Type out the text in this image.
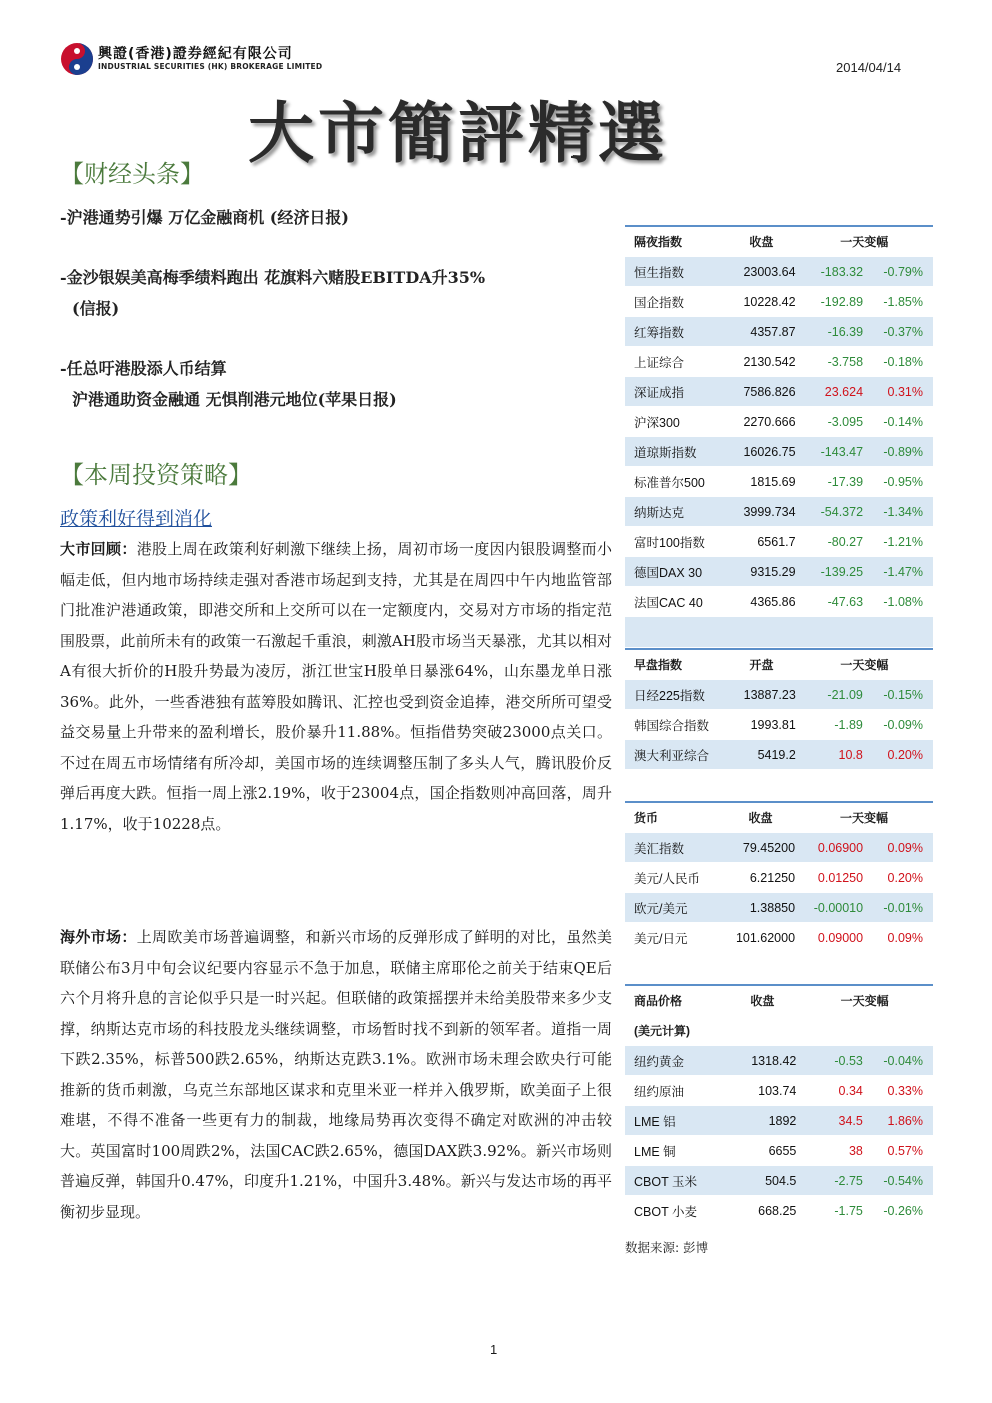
興證(香港)證券經紀有限公司
INDUSTRIAL SECURITIES (HK) BROKERAGE LIMITED	2014/04/14
大市簡評精選
【财经头条】
-沪港通势引爆 万亿金融商机 (经济日报)
-金沙银娱美高梅季绩料跑出 花旗料六赌股EBITDA升35%
(信报)
-任总吁港股添人币结算
沪港通助资金融通 无惧削港元地位(苹果日报)
【本周投资策略】
政策利好得到消化
大市回顾：港股上周在政策利好刺激下继续上扬，周初市场一度因内银股调整而小幅走低，但内地市场持续走强对香港市场起到支持，尤其是在周四中午内地监管部门批准沪港通政策，即港交所和上交所可以在一定额度内，交易对方市场的指定范围股票，此前所未有的政策一石激起千重浪，刺激AH股市场当天暴涨，尤其以相对A有很大折价的H股升势最为凌厉，浙江世宝H股单日暴涨64%，山东墨龙单日涨36%。此外，一些香港独有蓝筹股如腾讯、汇控也受到资金追捧，港交所所可望受益交易量上升带来的盈利增长，股价暴升11.88%。恒指借势突破23000点关口。不过在周五市场情绪有所冷却，美国市场的连续调整压制了多头人气，腾讯股价反弹后再度大跌。恒指一周上涨2.19%，收于23004点，国企指数则冲高回落，周升1.17%，收于10228点。
海外市场：上周欧美市场普遍调整，和新兴市场的反弹形成了鲜明的对比，虽然美联储公布3月中旬会议纪要内容显示不急于加息，联储主席耶伦之前关于结束QE后六个月将升息的言论似乎只是一时兴起。但联储的政策摇摆并未给美股带来多少支撑，纳斯达克市场的科技股龙头继续调整，市场暂时找不到新的领军者。道指一周下跌2.35%，标普500跌2.65%，纳斯达克跌3.1%。欧洲市场未理会欧央行可能推新的货币刺激，乌克兰东部地区谋求和克里米亚一样并入俄罗斯，欧美面子上很难堪，不得不准备一些更有力的制裁，地缘局势再次变得不确定对欧洲的冲击较大。英国富时100周跌2%，法国CAC跌2.65%，德国DAX跌3.92%。新兴市场则普遍反弹，韩国升0.47%，印度升1.21%，中国升3.48%。新兴与发达市场的再平衡初步显现。
隔夜指数	收盘	一天变幅	
恒生指数	23003.64	-183.32	-0.79%
国企指数	10228.42	-192.89	-1.85%
红筹指数	4357.87	-16.39	-0.37%
上证综合	2130.542	-3.758	-0.18%
深证成指	7586.826	23.624	0.31%
沪深300	2270.666	-3.095	-0.14%
道琼斯指数	16026.75	-143.47	-0.89%
标准普尔500	1815.69	-17.39	-0.95%
纳斯达克	3999.734	-54.372	-1.34%
富时100指数	6561.7	-80.27	-1.21%
德国DAX 30	9315.29	-139.25	-1.47%
法国CAC 40	4365.86	-47.63	-1.08%

早盘指数	开盘	一天变幅	
日经225指数	13887.23	-21.09	-0.15%
韩国综合指数	1993.81	-1.89	-0.09%
澳大利亚综合	5419.2	10.8	0.20%
货币	收盘	一天变幅	
美汇指数	79.45200	0.06900	0.09%
美元/人民币	6.21250	0.01250	0.20%
欧元/美元	1.38850	-0.00010	-0.01%
美元/日元	101.62000	0.09000	0.09%
商品价格	收盘	一天变幅	
(美元计算)			
纽约黄金	1318.42	-0.53	-0.04%
纽约原油	103.74	0.34	0.33%
LME 铝	1892	34.5	1.86%
LME 铜	6655	38	0.57%
CBOT 玉米	504.5	-2.75	-0.54%
CBOT 小麦	668.25	-1.75	-0.26%
数据来源: 彭博
1
